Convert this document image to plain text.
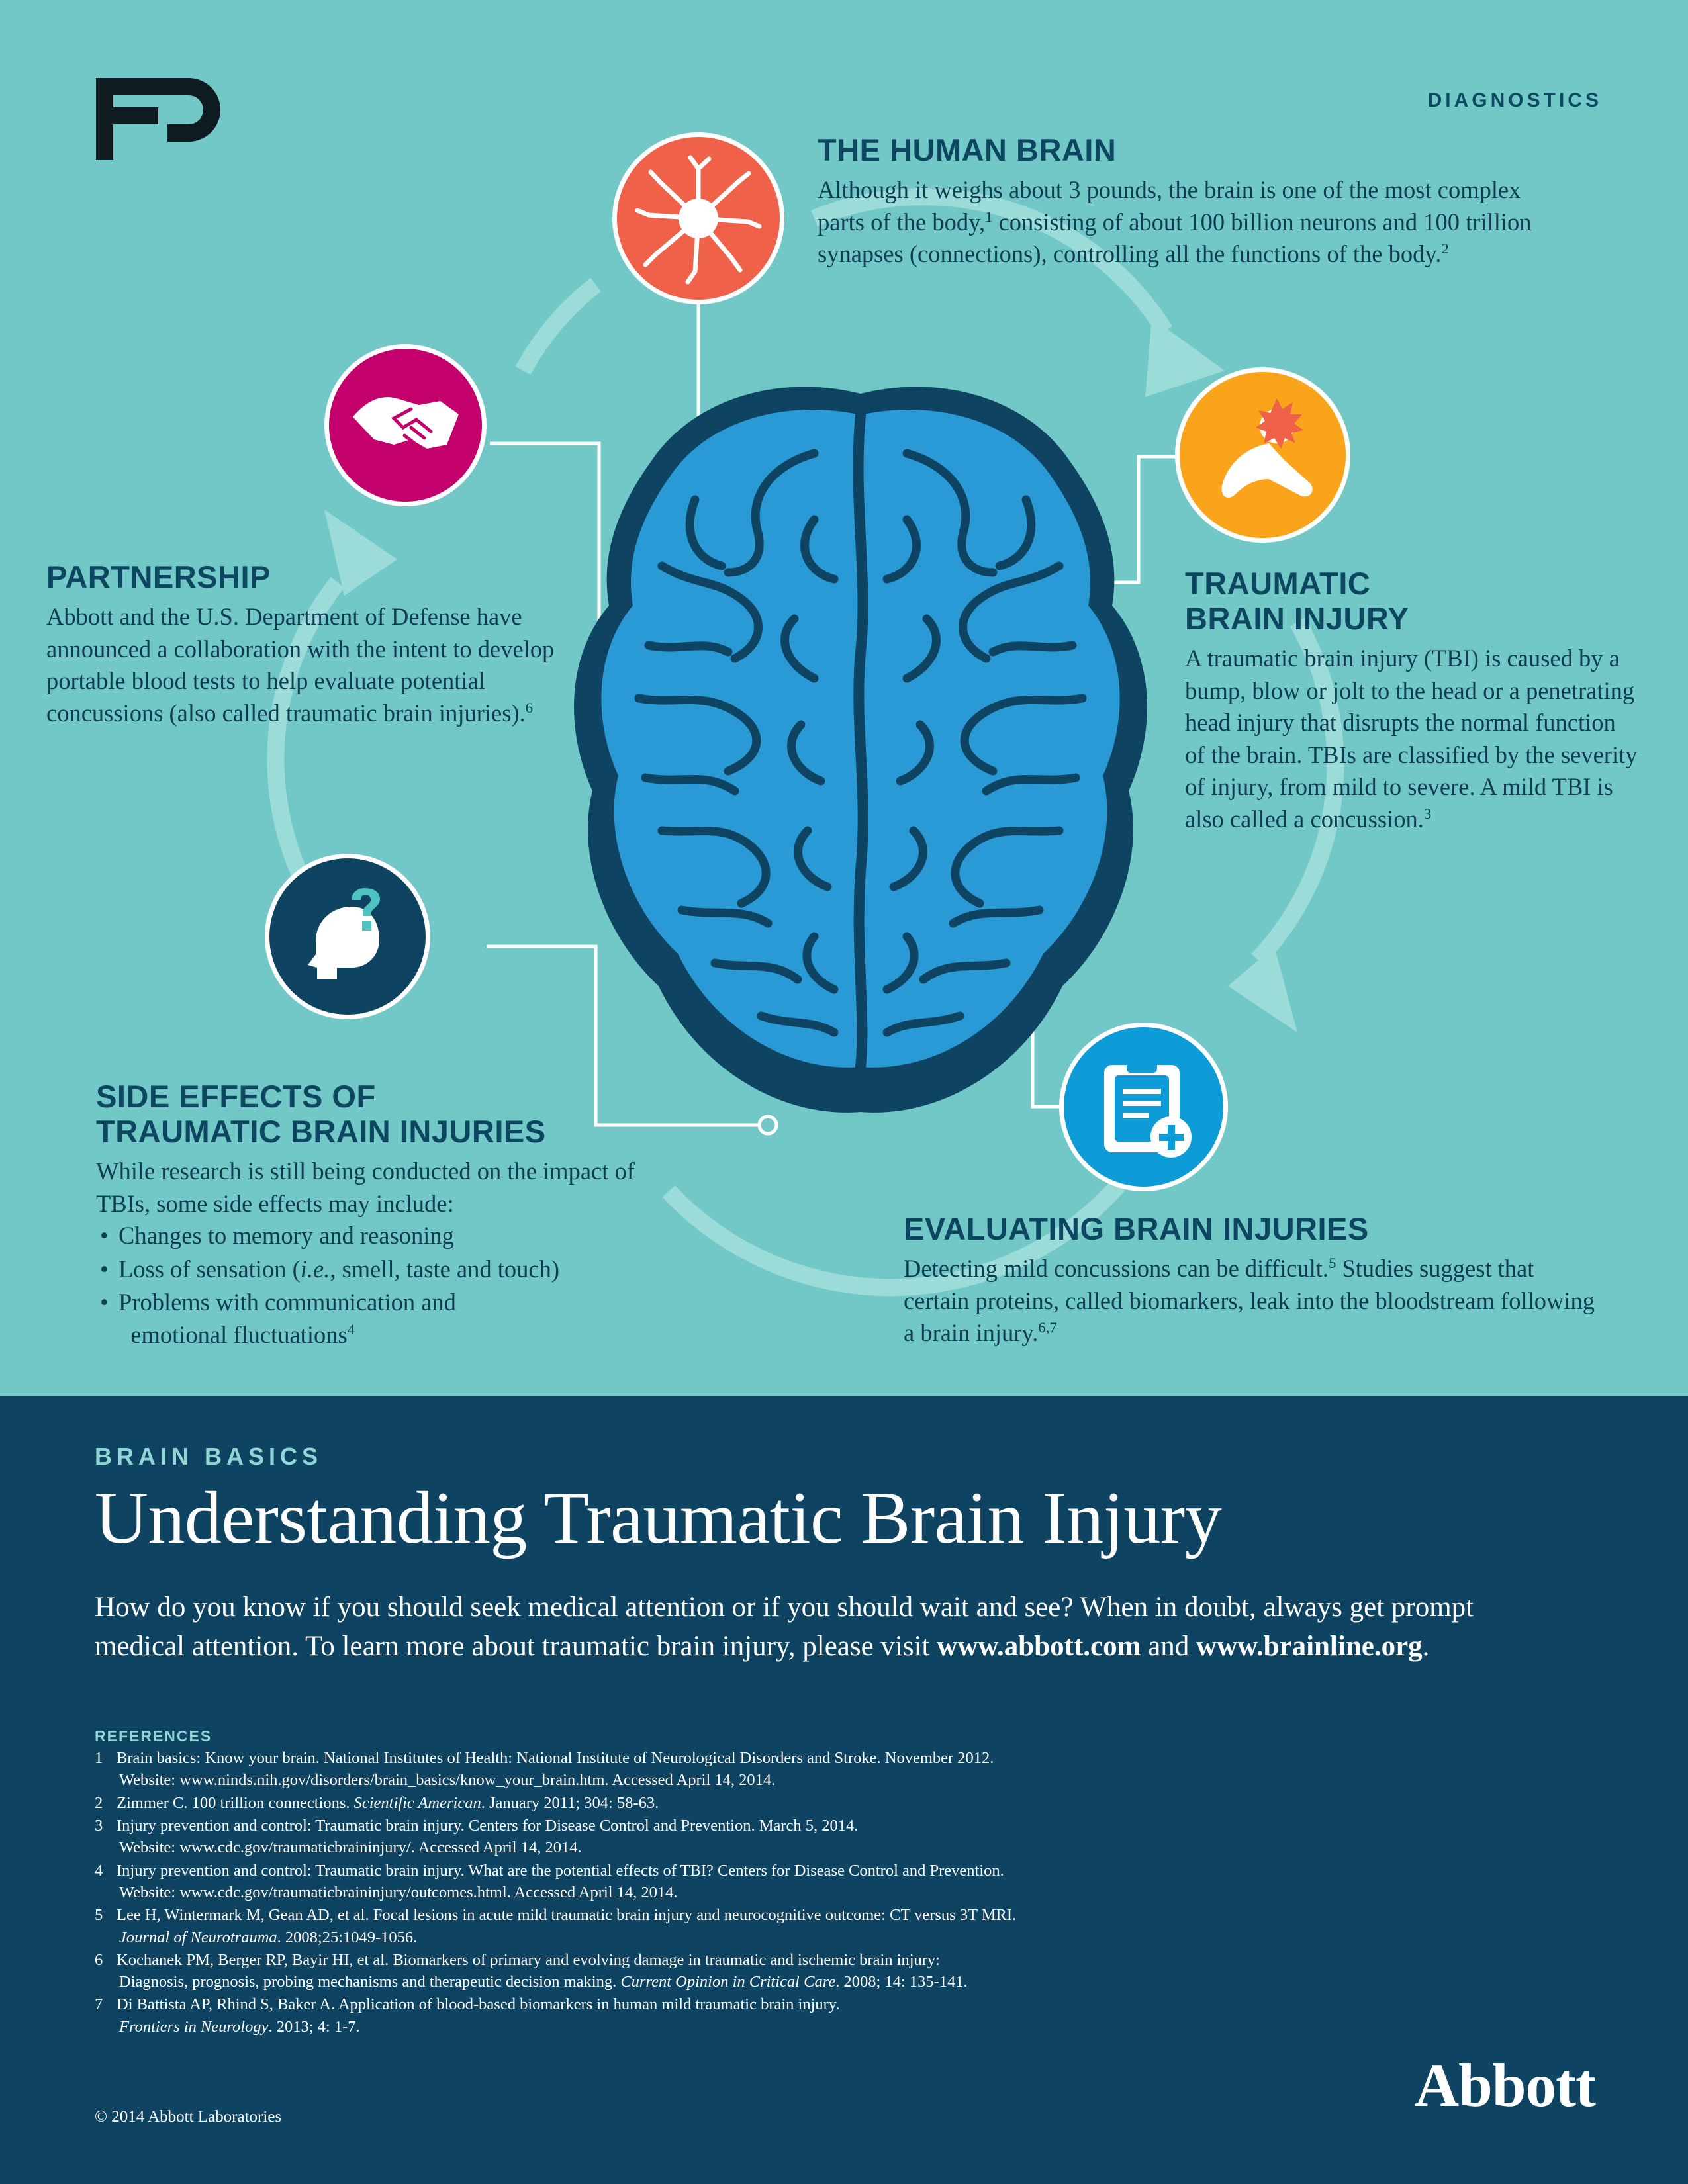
DIAGNOSTICS
THE HUMAN BRAIN

Although it weighs about 3 pounds, the brain is one of the most complex parts of the body,$^1$ consisting of about 100 billion neurons and 100 trillion synapses (connections), controlling all the functions of the body.$^2$

TRAUMATIC
BRAIN INJURY

A traumatic brain injury (TBI) is caused by a bump, blow or jolt to the head or a penetrating head injury that disrupts the normal function of the brain. TBIs are classified by the severity of injury, from mild to severe. A mild TBI is also called a concussion.$^3$

PARTNERSHIP

Abbott and the U.S. Department of Defense have announced a collaboration with the intent to develop portable blood tests to help evaluate potential concussions (also called traumatic brain injuries).$^6$

SIDE EFFECTS OF
TRAUMATIC BRAIN INJURIES

While research is still being conducted on the impact of TBIs, some side effects may include:

• Changes to memory and reasoning
• Loss of sensation (i.e., smell, taste and touch)
• Problems with communication and
emotional fluctuations$^4$
EVALUATING BRAIN INJURIES

Detecting mild concussions can be difficult.$^5$ Studies suggest that certain proteins, called biomarkers, leak into the bloodstream following a brain injury.$^{6,7}$

BRAIN BASICS
Understanding Traumatic Brain Injury
How do you know if you should seek medical attention or if you should wait and see? When in doubt, always get prompt medical attention. To learn more about traumatic brain injury, please visit www.abbott.com and www.brainline.org.
REFERENCES
1 Brain basics: Know your brain. National Institutes of Health: National Institute of Neurological Disorders and Stroke. November 2012.
Website: www.ninds.nih.gov/disorders/brain_basics/know_your_brain.htm. Accessed April 14, 2014.
2 Zimmer C. 100 trillion connections. Scientific American. January 2011; 304: 58-63.
3 Injury prevention and control: Traumatic brain injury. Centers for Disease Control and Prevention. March 5, 2014.
Website: www.cdc.gov/traumaticbraininjury/. Accessed April 14, 2014.
4 Injury prevention and control: Traumatic brain injury. What are the potential effects of TBI? Centers for Disease Control and Prevention.
Website: www.cdc.gov/traumaticbraininjury/outcomes.html. Accessed April 14, 2014.
5 Lee H, Wintermark M, Gean AD, et al. Focal lesions in acute mild traumatic brain injury and neurocognitive outcome: CT versus 3T MRI.
Journal of Neurotrauma. 2008;25:1049-1056.
6 Kochanek PM, Berger RP, Bayir HI, et al. Biomarkers of primary and evolving damage in traumatic and ischemic brain injury:
Diagnosis, prognosis, probing mechanisms and therapeutic decision making. Current Opinion in Critical Care. 2008; 14: 135-141.
7 Di Battista AP, Rhind S, Baker A. Application of blood-based biomarkers in human mild traumatic brain injury.
Frontiers in Neurology. 2013; 4: 1-7.
© 2014 Abbott Laboratories	Abbott
